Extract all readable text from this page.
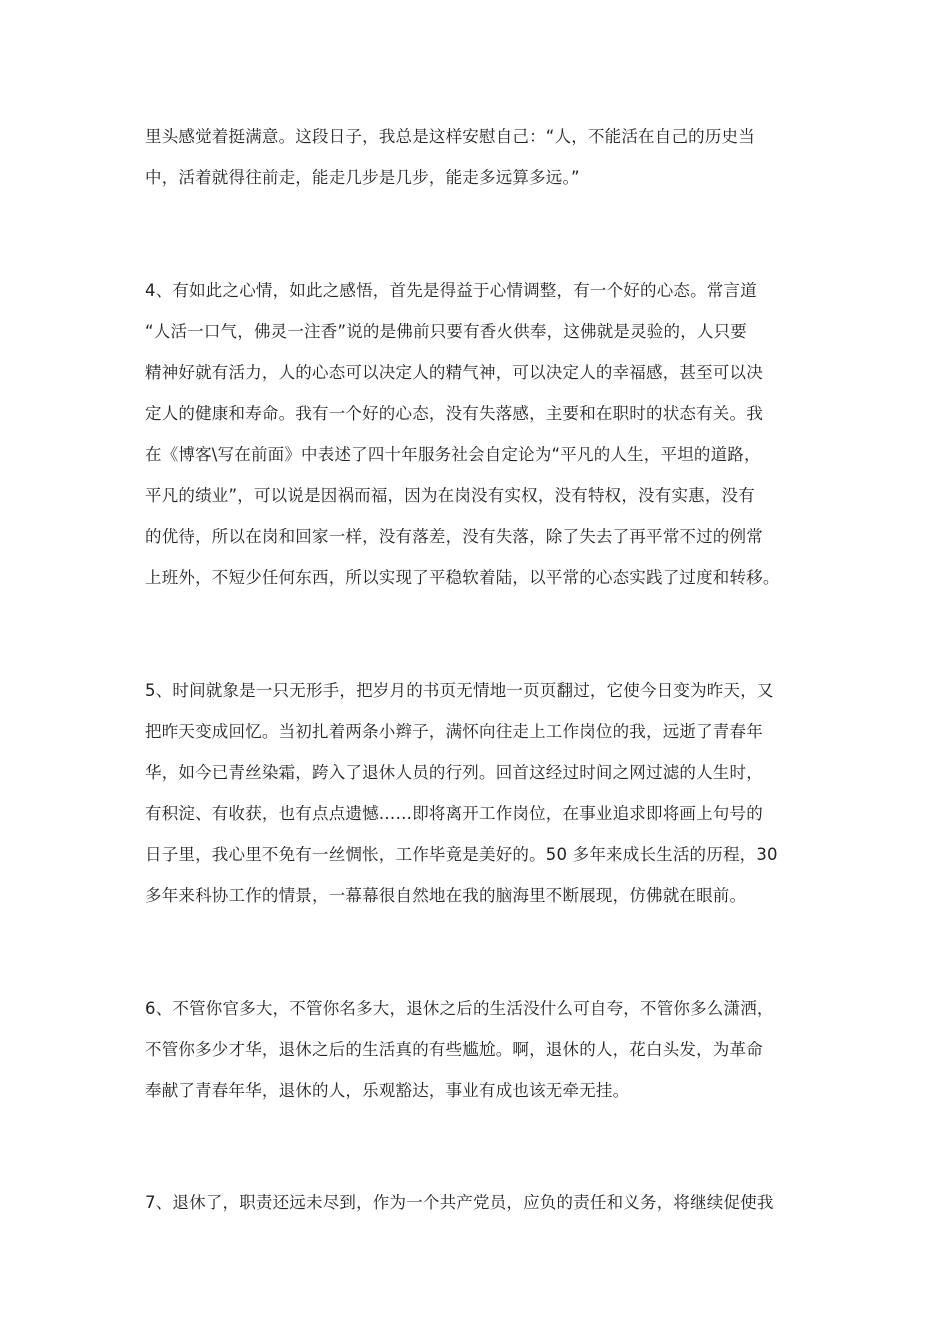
里头感觉着挺满意。这段日子，我总是这样安慰自己：“人，不能活在自己的历史当
中，活着就得往前走，能走几步是几步，能走多远算多远。”
4、有如此之心情，如此之感悟，首先是得益于心情调整，有一个好的心态。常言道
“人活一口气，佛灵一注香”说的是佛前只要有香火供奉，这佛就是灵验的，人只要
精神好就有活力，人的心态可以决定人的精气神，可以决定人的幸福感，甚至可以决
定人的健康和寿命。我有一个好的心态，没有失落感，主要和在职时的状态有关。我
在《博客\写在前面》中表述了四十年服务社会自定论为“平凡的人生，平坦的道路，
平凡的绩业”，可以说是因祸而福，因为在岗没有实权，没有特权，没有实惠，没有
的优待，所以在岗和回家一样，没有落差，没有失落，除了失去了再平常不过的例常
上班外，不短少任何东西，所以实现了平稳软着陆，以平常的心态实践了过度和转移。
5、时间就象是一只无形手，把岁月的书页无情地一页页翻过，它使今日变为昨天，又
把昨天变成回忆。当初扎着两条小辫子，满怀向往走上工作岗位的我，远逝了青春年
华，如今已青丝染霜，跨入了退休人员的行列。回首这经过时间之网过滤的人生时，
有积淀、有收获，也有点点遗憾……即将离开工作岗位，在事业追求即将画上句号的
日子里，我心里不免有一丝惆怅，工作毕竟是美好的。50 多年来成长生活的历程，30
多年来科协工作的情景，一幕幕很自然地在我的脑海里不断展现，仿佛就在眼前。
6、不管你官多大，不管你名多大，退休之后的生活没什么可自夸，不管你多么潇洒，
不管你多少才华，退休之后的生活真的有些尴尬。啊，退休的人，花白头发，为革命
奉献了青春年华，退休的人，乐观豁达，事业有成也该无牵无挂。
7、退休了，职责还远未尽到，作为一个共产党员，应负的责任和义务，将继续促使我
